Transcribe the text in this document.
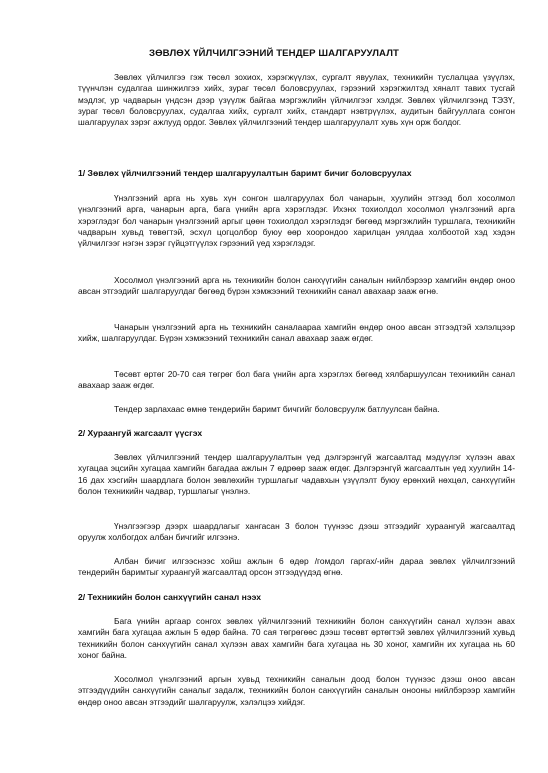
ЗӨВЛӨХ ҮЙЛЧИЛГЭЭНИЙ ТЕНДЕР ШАЛГАРУУЛАЛТ

Зөвлөх үйлчилгээ гэж төсөл зохиох, хэрэгжүүлэх, сургалт явуулах, техникийн туслалцаа үзүүлэх, түүнчлэн судалгаа шинжилгээ хийх, зураг төсөл боловсруулах, гэрээний хэрэгжилтэд хяналт тавих тусгай мэдлэг, ур чадварын үндсэн дээр үзүүлж байгаа мэргэжлийн үйлчилгээг хэлдэг. Зөвлөх үйлчилгээнд ТЭЗҮ, зураг төсөл боловсруулах, судалгаа хийх, сургалт хийх, стандарт нэвтрүүлэх, аудитын байгууллага сонгон шалгаруулах зэрэг ажлууд ордог. Зөвлөх үйлчилгээний тендер шалгаруулалт хувь хүн орж болдог.

1/ Зөвлөх үйлчилгээний тендер шалгаруулалтын баримт бичиг боловсруулах

Үнэлгээний арга нь хувь хүн сонгон шалгаруулах бол чанарын, хуулийн этгээд бол хосолмол үнэлгээний арга, чанарын арга, бага үнийн арга хэрэглэдэг. Ихэнх тохиолдол хосолмол үнэлгээний арга хэрэглэдэг бол чанарын үнэлгээний аргыг цөөн тохиолдол хэрэглэдэг бөгөөд мэргэжлийн туршлага, техникийн чадварын хувьд төвөгтэй, эсхүл цогцолбор буюу өөр хоорондоо харилцан уялдаа холбоотой хэд хэдэн үйлчилгээг нэгэн зэрэг гүйцэтгүүлэх гэрээний үед хэрэглэдэг.

Хосолмол үнэлгээний арга нь техникийн болон санхүүгийн саналын нийлбэрээр хамгийн өндөр оноо авсан этгээдийг шалгаруулдаг бөгөөд бүрэн хэмжээний техникийн санал авахаар зааж өгнө.

Чанарын үнэлгээний арга нь техникийн саналаараа хамгийн өндөр оноо авсан этгээдтэй хэлэлцээр хийж, шалгаруулдаг. Бүрэн хэмжээний техникийн санал авахаар зааж өгдөг.

Төсөвт өртөг 20-70 сая төгрөг бол бага үнийн арга хэрэглэх бөгөөд хялбаршуулсан техникийн санал авахаар зааж өгдөг.

Тендер зарлахаас өмнө тендерийн баримт бичгийг боловсруулж батлуулсан байна.

2/ Хураангуй жагсаалт үүсгэх

Зөвлөх үйлчилгээний тендер шалгаруулалтын үед дэлгэрэнгүй жагсаалтад мэдүүлэг хүлээн авах хугацаа эцсийн хугацаа хамгийн багадаа ажлын 7 өдрөөр зааж өгдөг. Дэлгэрэнгүй жагсаалтын үед хуулийн 14-16 дах хэсгийн шаардлага болон зөвлөхийн туршлагыг чадавхын үзүүлэлт буюу ерөнхий нөхцөл, санхүүгийн болон техникийн чадвар, туршлагыг үнэлнэ.

Үнэлгээгээр дээрх шаардлагыг хангасан 3 болон түүнээс дээш этгээдийг хураангуй жагсаалтад оруулж холбогдох албан бичгийг илгээнэ.

Албан бичиг илгээснээс хойш ажлын 6 өдөр /гомдол гаргах/-ийн дараа зөвлөх үйлчилгээний тендерийн баримтыг хураангуй жагсаалтад орсон этгээдүүдэд өгнө.

2/ Техникийн болон санхүүгийн санал нээх

Бага үнийн аргаар сонгох зөвлөх үйлчилгээний техникийн болон санхүүгийн санал хүлээн авах хамгийн бага хугацаа ажлын 5 өдөр байна. 70 сая төгрөгөөс дээш төсөвт өртөгтэй зөвлөх үйлчилгээний хувьд техникийн болон санхүүгийн санал хүлээн авах хамгийн бага хугацаа нь 30 хоног, хамгийн их хугацаа нь 60 хоног байна.

Хосолмол үнэлгээний аргын хувьд техникийн саналын доод болон түүнээс дээш оноо авсан этгээдүүдийн санхүүгийн саналыг задалж, техникийн болон санхүүгийн саналын онооны нийлбэрээр хамгийн өндөр оноо авсан этгээдийг шалгаруулж, хэлэлцээ хийдэг.
